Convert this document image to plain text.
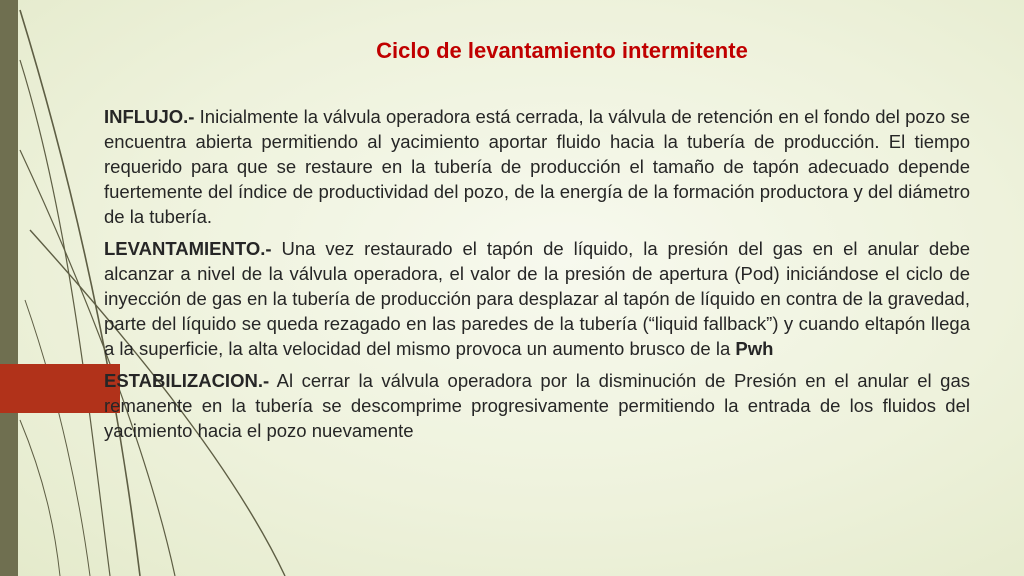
Ciclo de levantamiento intermitente

INFLUJO.- Inicialmente la válvula operadora está cerrada, la válvula de retención en el fondo del pozo se encuentra abierta permitiendo al yacimiento aportar fluido hacia la tubería de producción. El tiempo requerido para que se restaure en la tubería de producción el tamaño de tapón adecuado depende fuertemente del índice de productividad del pozo, de la energía de la formación productora y del diámetro de la tubería.

LEVANTAMIENTO.- Una vez restaurado el tapón de líquido, la presión del gas en el anular debe alcanzar a nivel de la válvula operadora, el valor de la presión de apertura (Pod) iniciándose el ciclo de inyección de gas en la tubería de producción para desplazar al tapón de líquido en contra de la gravedad, parte del líquido se queda rezagado en las paredes de la tubería (“liquid fallback”) y cuando eltapón llega a la superficie, la alta velocidad del mismo provoca un aumento brusco de la Pwh

ESTABILIZACION.- Al cerrar la válvula operadora por la disminución de Presión en el anular el gas remanente en la tubería se descomprime progresivamente permitiendo la entrada de los fluidos del yacimiento hacia el pozo nuevamente
